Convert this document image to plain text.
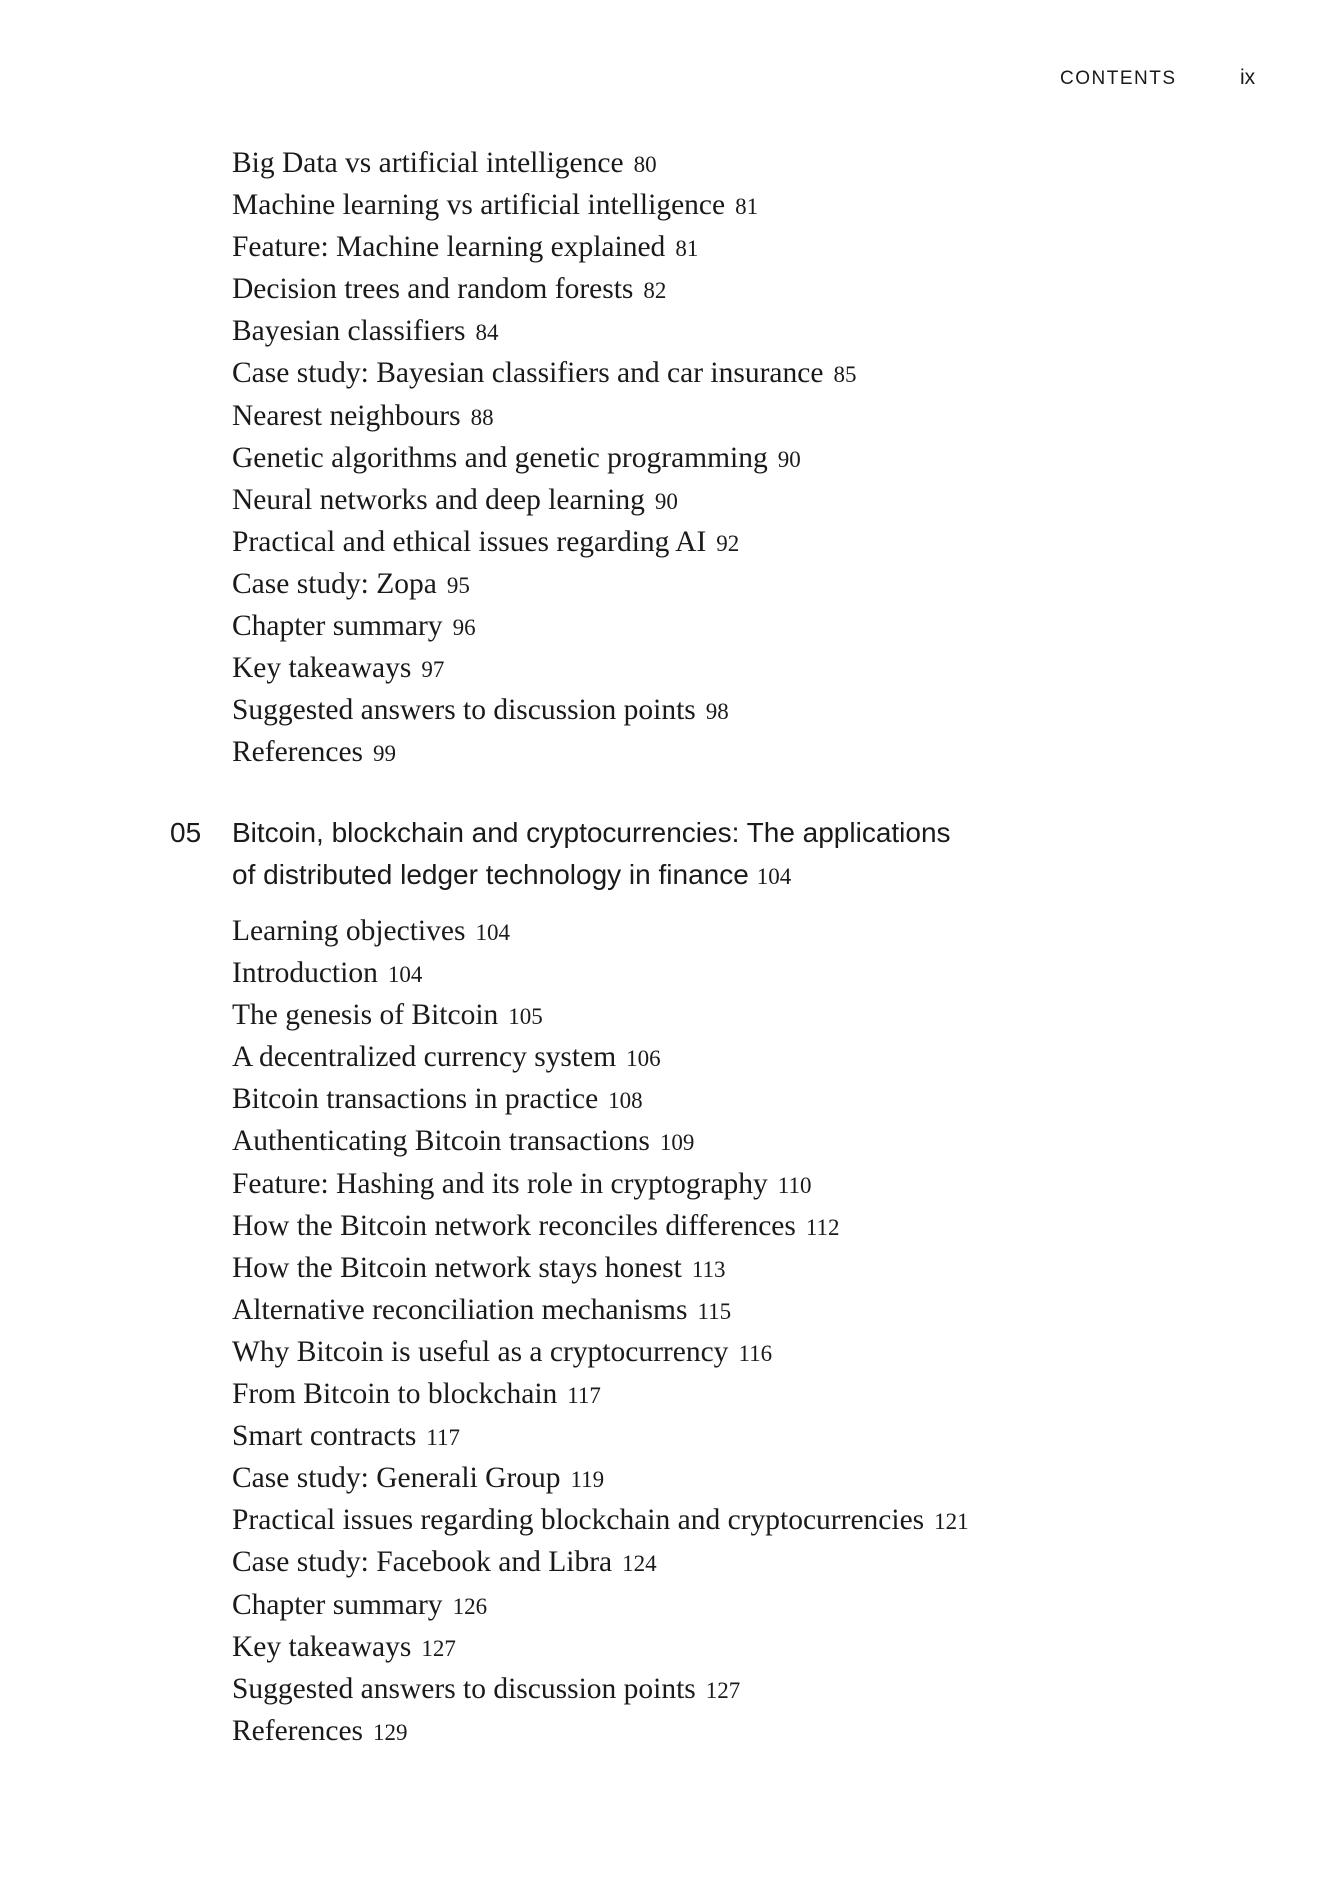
CONTENTS	ix
Big Data vs artificial intelligence 80
Machine learning vs artificial intelligence 81
Feature: Machine learning explained 81
Decision trees and random forests 82
Bayesian classifiers 84
Case study: Bayesian classifiers and car insurance 85
Nearest neighbours 88
Genetic algorithms and genetic programming 90
Neural networks and deep learning 90
Practical and ethical issues regarding AI 92
Case study: Zopa 95
Chapter summary 96
Key takeaways 97
Suggested answers to discussion points 98
References 99
05 Bitcoin, blockchain and cryptocurrencies: The applications
of distributed ledger technology in finance 104
Learning objectives 104
Introduction 104
The genesis of Bitcoin 105
A decentralized currency system 106
Bitcoin transactions in practice 108
Authenticating Bitcoin transactions 109
Feature: Hashing and its role in cryptography 110
How the Bitcoin network reconciles differences 112
How the Bitcoin network stays honest 113
Alternative reconciliation mechanisms 115
Why Bitcoin is useful as a cryptocurrency 116
From Bitcoin to blockchain 117
Smart contracts 117
Case study: Generali Group 119
Practical issues regarding blockchain and cryptocurrencies 121
Case study: Facebook and Libra 124
Chapter summary 126
Key takeaways 127
Suggested answers to discussion points 127
References 129
